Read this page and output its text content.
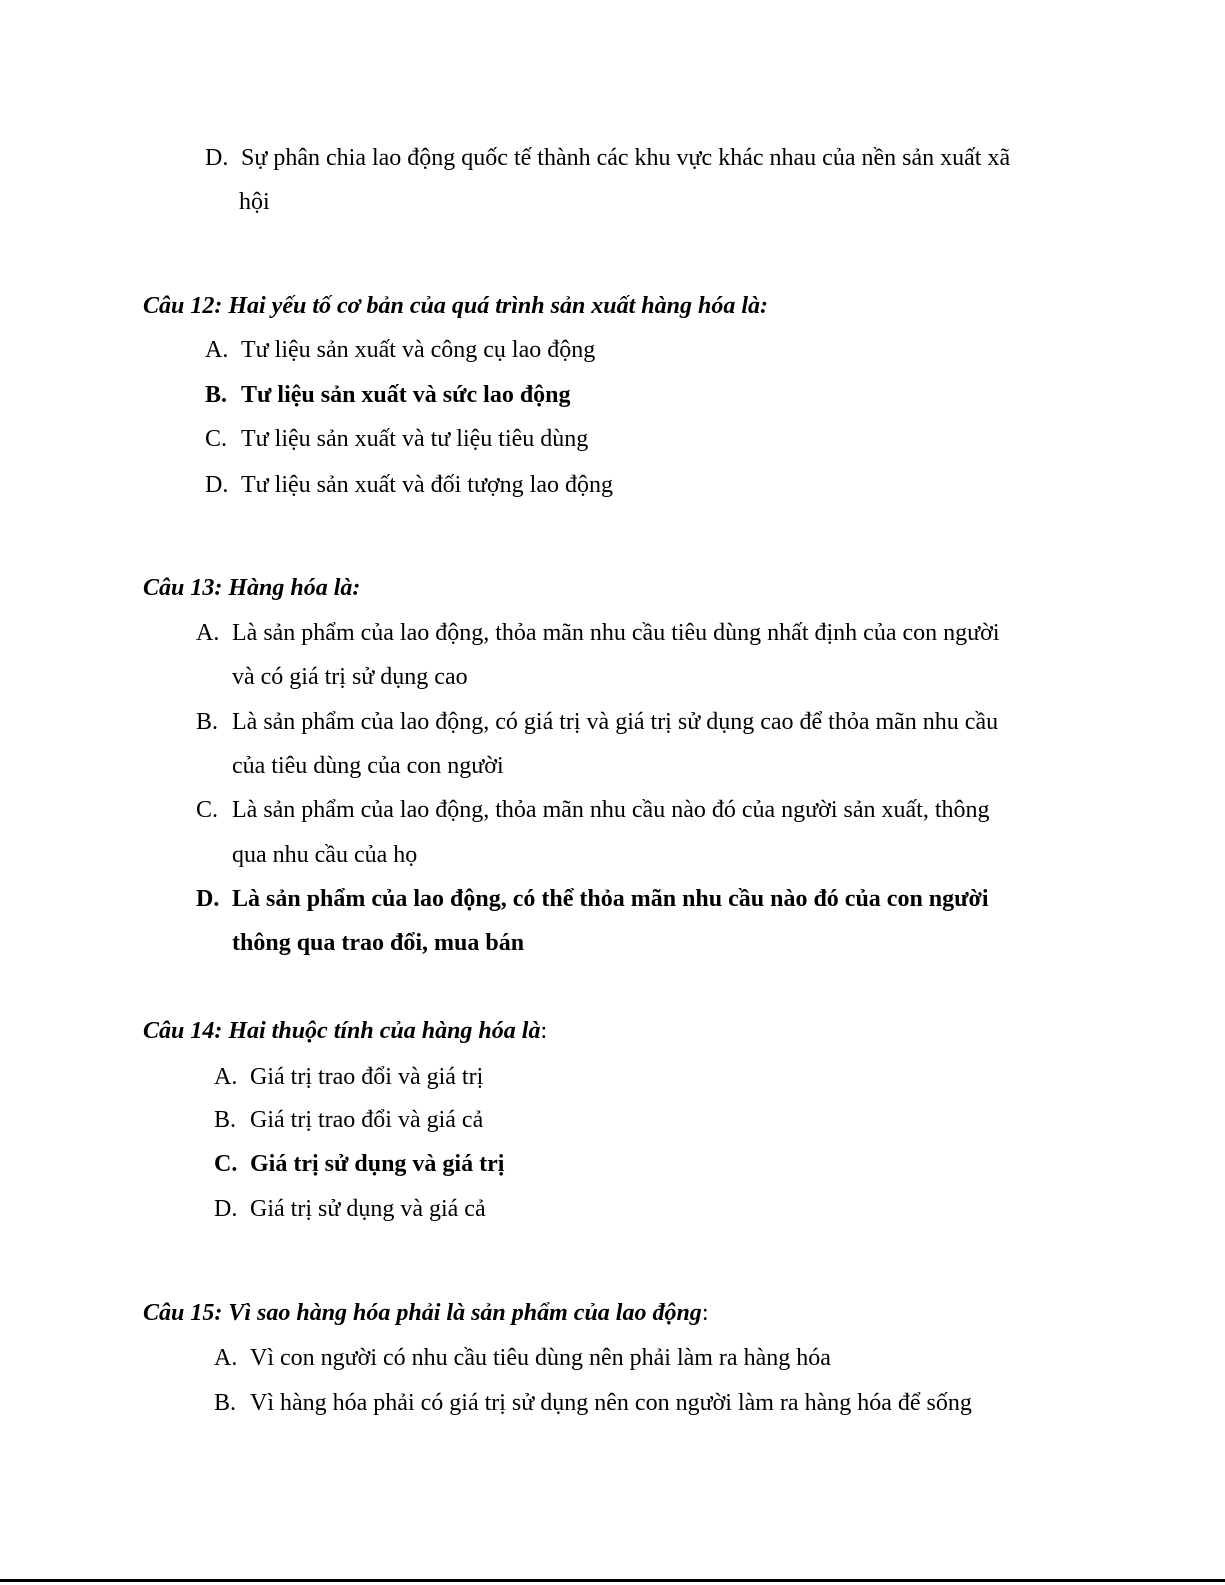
D. Sự phân chia lao động quốc tế thành các khu vực khác nhau của nền sản xuất xã
hội
Câu 12: Hai yếu tố cơ bản của quá trình sản xuất hàng hóa là:
A. Tư liệu sản xuất và công cụ lao động
B. Tư liệu sản xuất và sức lao động
C. Tư liệu sản xuất và tư liệu tiêu dùng
D. Tư liệu sản xuất và đối tượng lao động
Câu 13: Hàng hóa là:
A. Là sản phẩm của lao động, thỏa mãn nhu cầu tiêu dùng nhất định của con người
và có giá trị sử dụng cao
B. Là sản phẩm của lao động, có giá trị và giá trị sử dụng cao để thỏa mãn nhu cầu
của tiêu dùng của con người
C. Là sản phẩm của lao động, thỏa mãn nhu cầu nào đó của người sản xuất, thông
qua nhu cầu của họ
D. Là sản phẩm của lao động, có thể thỏa mãn nhu cầu nào đó của con người
thông qua trao đổi, mua bán
Câu 14: Hai thuộc tính của hàng hóa là:
A. Giá trị trao đổi và giá trị
B. Giá trị trao đổi và giá cả
C. Giá trị sử dụng và giá trị
D. Giá trị sử dụng và giá cả
Câu 15: Vì sao hàng hóa phải là sản phẩm của lao động:
A. Vì con người có nhu cầu tiêu dùng nên phải làm ra hàng hóa
B. Vì hàng hóa phải có giá trị sử dụng nên con người làm ra hàng hóa để sống
